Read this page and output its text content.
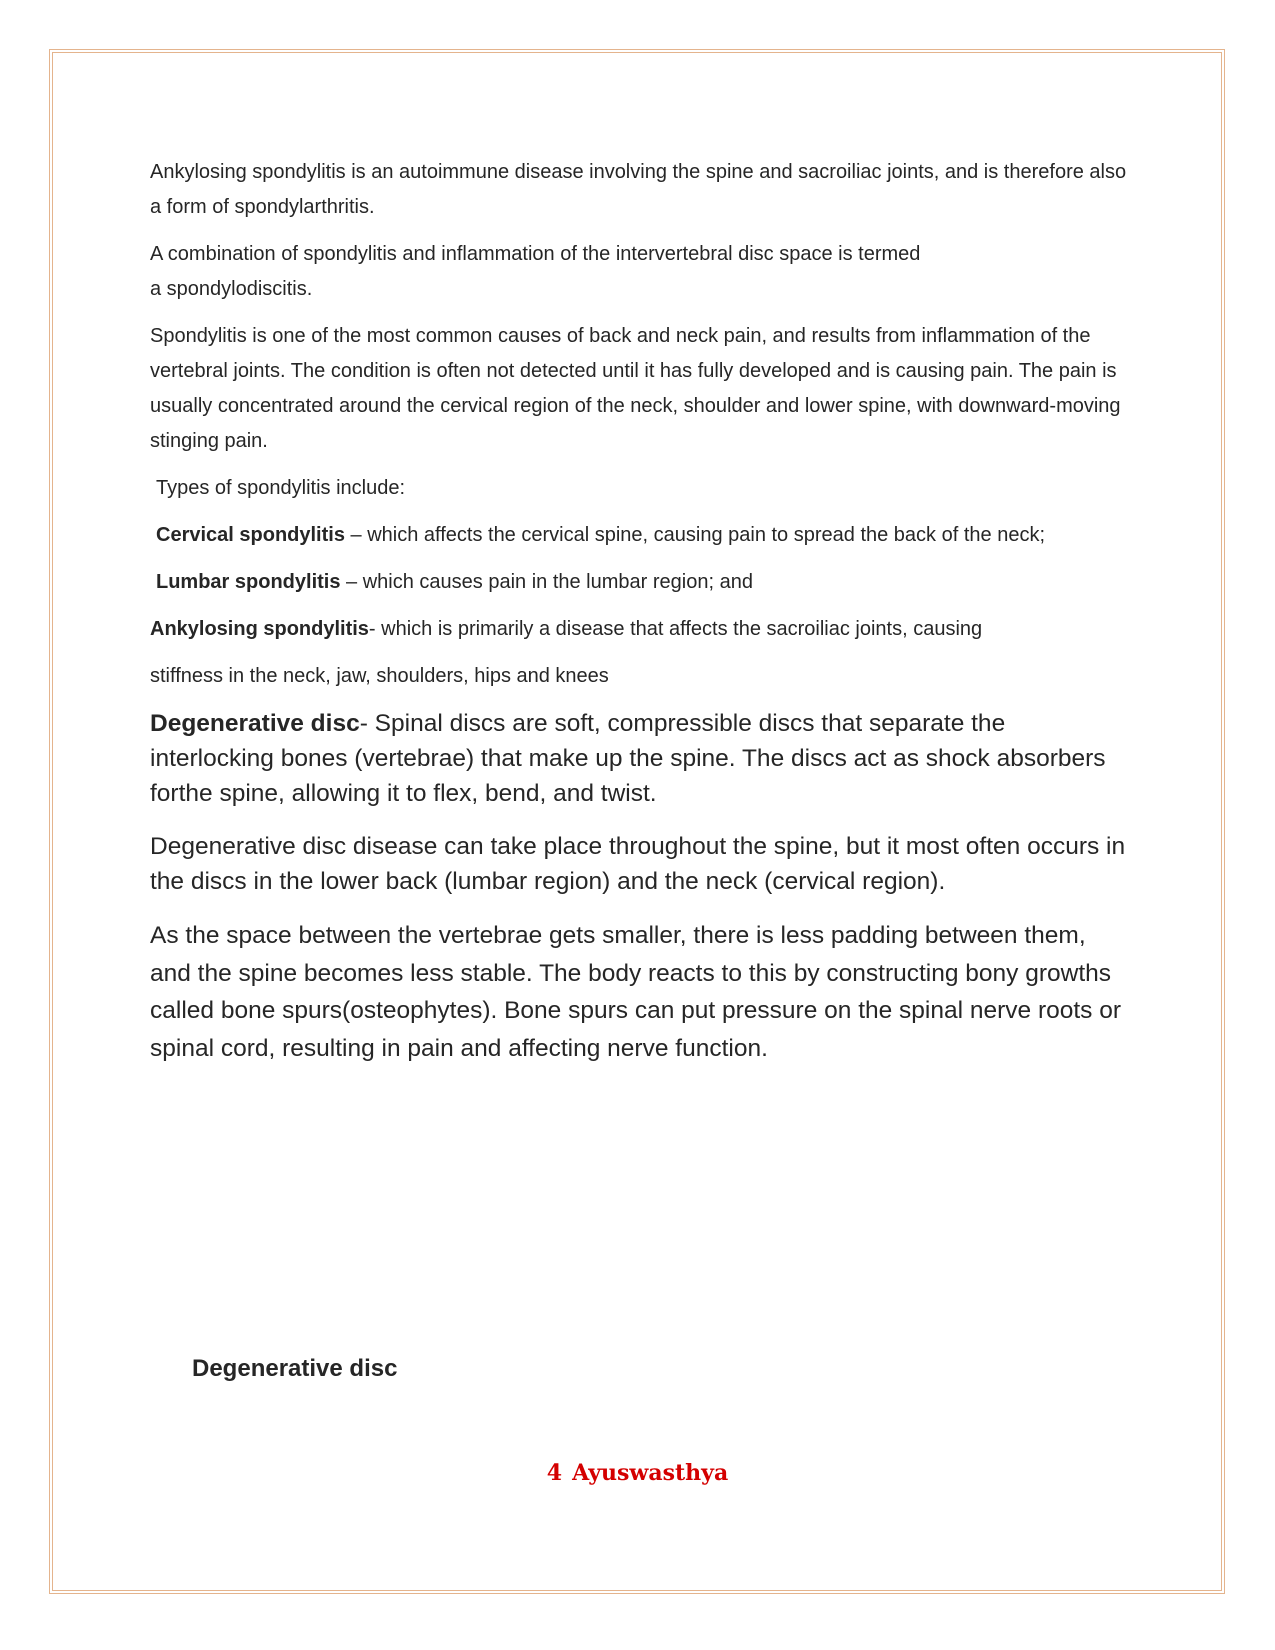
Ankylosing spondylitis is an autoimmune disease involving the spine and sacroiliac joints, and is therefore also a form of spondylarthritis.

A combination of spondylitis and inflammation of the intervertebral disc space is termed
a spondylodiscitis.

Spondylitis is one of the most common causes of back and neck pain, and results from inflammation of the vertebral joints. The condition is often not detected until it has fully developed and is causing pain. The pain is usually concentrated around the cervical region of the neck, shoulder and lower spine, with downward-moving stinging pain.

Types of spondylitis include:

Cervical spondylitis – which affects the cervical spine, causing pain to spread the back of the neck;

Lumbar spondylitis – which causes pain in the lumbar region; and

Ankylosing spondylitis- which is primarily a disease that affects the sacroiliac joints, causing

stiffness in the neck, jaw, shoulders, hips and knees

Degenerative disc- Spinal discs are soft, compressible discs that separate the interlocking bones (vertebrae) that make up the spine. The discs act as shock absorbers forthe spine, allowing it to flex, bend, and twist.

Degenerative disc disease can take place throughout the spine, but it most often occurs in the discs in the lower back (lumbar region) and the neck (cervical region).

As the space between the vertebrae gets smaller, there is less padding between them, and the spine becomes less stable. The body reacts to this by constructing bony growths called bone spurs(osteophytes). Bone spurs can put pressure on the spinal nerve roots or spinal cord, resulting in pain and affecting nerve function.

Degenerative disc
4 Ayuswasthya
